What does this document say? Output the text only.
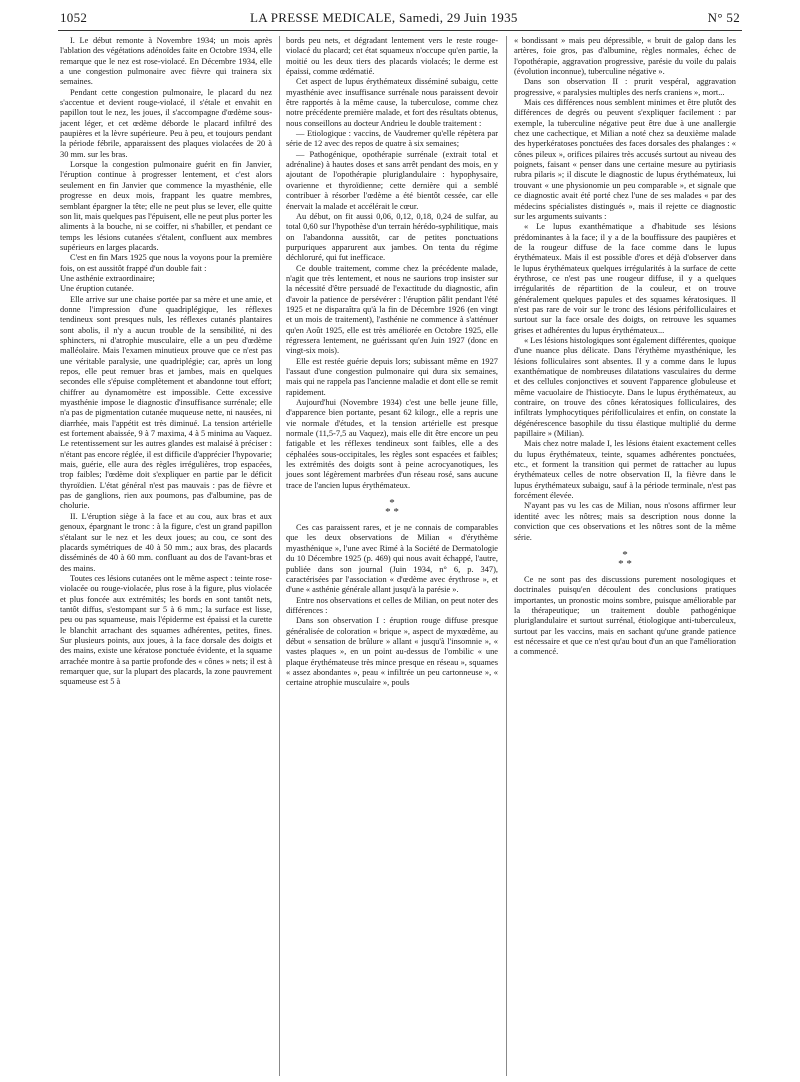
1052	LA PRESSE MEDICALE, Samedi, 29 Juin 1935	N° 52

I. Le début remonte à Novembre 1934; un mois après l'ablation des végétations adénoïdes faite en Octobre 1934, elle remarque que le nez est rose-violacé. En Décembre 1934, elle a une congestion pulmonaire avec fièvre qui trainera six semaines.

Pendant cette congestion pulmonaire, le placard du nez s'accentue et devient rouge-violacé, il s'étale et envahit en papillon tout le nez, les joues, il s'accompagne d'œdème sous-jacent léger, et cet œdème déborde le placard infiltré des paupières et la lèvre supérieure. Peu à peu, et toujours pendant la période fébrile, apparaissent des plaques violacées de 20 à 30 mm. sur les bras.

Lorsque la congestion pulmonaire guérit en fin Janvier, l'éruption continue à progresser lentement, et c'est alors seulement en fin Janvier que commence la myasthénie, elle progresse en deux mois, frappant les quatre membres, semblant épargner la tête; elle ne peut plus se lever, elle quitte son lit, mais quelques pas l'épuisent, elle ne peut plus porter les aliments à la bouche, ni se coiffer, ni s'habiller, et pendant ce temps les lésions cutanées s'étalent, confluent aux membres supérieurs en larges placards.

C'est en fin Mars 1925 que nous la voyons pour la première fois, on est aussitôt frappé d'un double fait :

Une asthénie extraordinaire;

Une éruption cutanée.

Elle arrive sur une chaise portée par sa mère et une amie, et donne l'impression d'une quadriplégique, les réflexes tendineux sont presques nuls, les réflexes cutanés plantaires sont abolis, il n'y a aucun trouble de la sensibilité, ni des sphincters, ni d'atrophie musculaire, elle a un peu d'œdème malléolaire. Mais l'examen minutieux prouve que ce n'est pas une véritable paralysie, une quadriplégie; car, après un long repos, elle peut remuer bras et jambes, mais en quelques secondes elle s'épuise complètement et abandonne tout effort; chiffrer au dynamomètre est impossible. Cette excessive myasthénie impose le diagnostic d'insuffisance surrénale; elle n'a pas de pigmentation cutanée muqueuse nette, ni nausées, ni diarrhée, mais l'appétit est très diminué. La tension artérielle est fortement abaissée, 9 à 7 maxima, 4 à 5 minima au Vaquez. Le retentissement sur les autres glandes est malaisé à préciser : n'étant pas encore réglée, il est difficile d'apprécier l'hypovarie; mais, guérie, elle aura des règles irrégulières, trop espacées, trop faibles; l'œdème doit s'expliquer en partie par le déficit thyroïdien. L'état général n'est pas mauvais : pas de fièvre et pas de ganglions, rien aux poumons, pas d'albumine, pas de cholurie.

II. L'éruption siège à la face et au cou, aux bras et aux genoux, épargnant le tronc : à la figure, c'est un grand papillon s'étalant sur le nez et les deux joues; au cou, ce sont des placards symétriques de 40 à 50 mm.; aux bras, des placards disséminés de 40 à 60 mm. confluant au dos de l'avant-bras et des mains.

Toutes ces lésions cutanées ont le même aspect : teinte rose-violacée ou rouge-violacée, plus rose à la figure, plus violacée et plus foncée aux extrémités; les bords en sont tantôt nets, tantôt diffus, s'estompant sur 5 à 6 mm.; la surface est lisse, peu ou pas squameuse, mais l'épiderme est épaissi et la curette le blanchit arrachant des squames adhérentes, petites, fines. Sur plusieurs points, aux joues, à la face dorsale des doigts et des mains, existe une kératose ponctuée évidente, et la squame arrachée montre à sa partie profonde des « cônes » nets; il est à remarquer que, sur la plupart des placards, la zone pauvrement squameuse est 5 à

bords peu nets, et dégradant lentement vers le reste rouge-violacé du placard; cet état squameux n'occupe qu'en partie, la moitié ou les deux tiers des placards violacés; le derme est épaissi, comme œdématié.

Cet aspect de lupus érythémateux disséminé subaigu, cette myasthénie avec insuffisance surrénale nous paraissent devoir être rapportés à la même cause, la tuberculose, comme chez notre précédente première malade, et fort des résultats obtenus, nous conseillons au docteur Andrieu le double traitement :

— Etiologique : vaccins, de Vaudremer qu'elle répètera par série de 12 avec des repos de quatre à six semaines;

— Pathogénique, opothérapie surrénale (extrait total et adrénaline) à hautes doses et sans arrêt pendant des mois, en y ajoutant de l'opothérapie pluriglandulaire : hypophysaire, ovarienne et thyroïdienne; cette dernière qui a semblé contribuer à résorber l'œdème a été bientôt cessée, car elle énervait la malade et accélérait le cœur.

Au début, on fit aussi 0,06, 0,12, 0,18, 0,24 de sulfar, au total 0,60 sur l'hypothèse d'un terrain hérédo-syphilitique, mais on l'abandonna aussitôt, car de petites ponctuations purpuriques apparurent aux jambes. On tenta du régime déchloruré, qui fut inefficace.

Ce double traitement, comme chez la précédente malade, n'agit que très lentement, et nous ne saurions trop insister sur la nécessité d'être persuadé de l'exactitude du diagnostic, afin d'avoir la patience de persévérer : l'éruption pâlit pendant l'été 1925 et ne disparaîtra qu'à la fin de Décembre 1926 (en vingt et un mois de traitement), l'asthénie ne commence à s'atténuer qu'en Août 1925, elle est très améliorée en Octobre 1925, elle régressera lentement, ne guérissant qu'en Juin 1927 (donc en vingt-six mois).

Elle est restée guérie depuis lors; subissant même en 1927 l'assaut d'une congestion pulmonaire qui dura six semaines, mais qui ne rappela pas l'ancienne maladie et dont elle se remit rapidement.

Aujourd'hui (Novembre 1934) c'est une belle jeune fille, d'apparence bien portante, pesant 62 kilogr., elle a repris une vie normale d'études, et la tension artérielle est presque normale (11,5-7,5 au Vaquez), mais elle dit être encore un peu fatigable et les réflexes tendineux sont faibles, elle a des céphalées sous-occipitales, les règles sont espacées et faibles; les extrémités des doigts sont à peine acrocyanotiques, les joues sont légèrement marbrées d'un réseau rosé, sans aucune trace de l'ancien lupus érythémateux.

*
* *

Ces cas paraissent rares, et je ne connais de comparables que les deux observations de Milian « d'érythème myasthénique », l'une avec Rimé à la Société de Dermatologie du 10 Décembre 1925 (p. 469) qui nous avait échappé, l'autre, publiée dans son journal (Juin 1934, n° 6, p. 347), caractérisées par l'association « d'œdème avec érythrose », et d'une « asthénie générale allant jusqu'à la parésie ».

Entre nos observations et celles de Milian, on peut noter des différences :

Dans son observation I : éruption rouge diffuse presque généralisée de coloration « brique », aspect de myxœdème, au début « sensation de brûlure » allant « jusqu'à l'insomnie », « vastes plaques », en un point au-dessus de l'ombilic « une plaque érythémateuse très mince presque en réseau », squames « assez abondantes », peau « infiltrée un peu cartonneuse », « certaine atrophie musculaire », pouls

« bondissant » mais peu dépressible, « bruit de galop dans les artères, foie gros, pas d'albumine, règles normales, échec de l'opothérapie, aggravation progressive, parésie du voile du palais (évolution inconnue), tuberculine négative ».

Dans son observation II : prurit vespéral, aggravation progressive, « paralysies multiples des nerfs craniens », mort...

Mais ces différences nous semblent minimes et être plutôt des différences de degrés ou peuvent s'expliquer facilement : par exemple, la tuberculine négative peut être due à une anallergie chez une cachectique, et Milian a noté chez sa deuxième malade des hyperkératoses ponctuées des faces dorsales des phalanges : « cônes pileux », orifices pilaires très accusés surtout au niveau des poignets, faisant « penser dans une certaine mesure au pytiriasis rubra pilaris »; il discute le diagnostic de lupus érythémateux, lui trouvant « une physionomie un peu comparable », et signale que ce diagnostic avait été porté chez l'une de ses malades « par des médecins spécialistes distingués », mais il rejette ce diagnostic sur les arguments suivants :

« Le lupus exanthématique a d'habitude ses lésions prédominantes à la face; il y a de la bouffissure des paupières et de la rougeur diffuse de la face comme dans le lupus érythémateux. Mais il est possible d'ores et déjà d'observer dans le lupus érythémateux quelques irrégularités à la surface de cette érythrose, ce n'est pas une rougeur diffuse, il y a quelques irrégularités de répartition de la couleur, et on trouve généralement quelques papules et des squames kératosiques. Il n'est pas rare de voir sur le tronc des lésions périfolliculaires et surtout sur la face orsale des doigts, on retrouve les squames grises et adhérentes du lupus érythémateux...

« Les lésions histologiques sont également différentes, quoique d'une nuance plus délicate. Dans l'érythème myasthénique, les lésions folliculaires sont absentes. Il y a comme dans le lupus exanthématique de nombreuses dilatations vasculaires du derme et des cellules conjonctives et souvent l'apparence globuleuse et même vacuolaire de l'histiocyte. Dans le lupus érythémateux, au contraire, on trouve des cônes kératosiques folliculaires, des infiltrats lymphocytiques périfolliculaires et enfin, on constate la dégénérescence basophile du tissu élastique multiplié du derme papillaire » (Milian).

Mais chez notre malade I, les lésions étaient exactement celles du lupus érythémateux, teinte, squames adhérentes ponctuées, etc., et forment la transition qui permet de rattacher au lupus érythémateux celles de notre observation II, la fièvre dans le lupus érythémateux subaigu, sauf à la période terminale, n'est pas forcément élevée.

N'ayant pas vu les cas de Milian, nous n'osons affirmer leur identité avec les nôtres; mais sa description nous donne la conviction que ces observations et les nôtres sont de la même série.

*
* *

Ce ne sont pas des discussions purement nosologiques et doctrinales puisqu'en découlent des conclusions pratiques importantes, un pronostic moins sombre, puisque améliorable par la thérapeutique; un traitement double pathogénique pluriglandulaire et surtout surrénal, étiologique anti-tuberculeux, surtout par les vaccins, mais en sachant qu'une grande patience est nécessaire et que ce n'est qu'au bout d'un an que l'amélioration a commencé.
